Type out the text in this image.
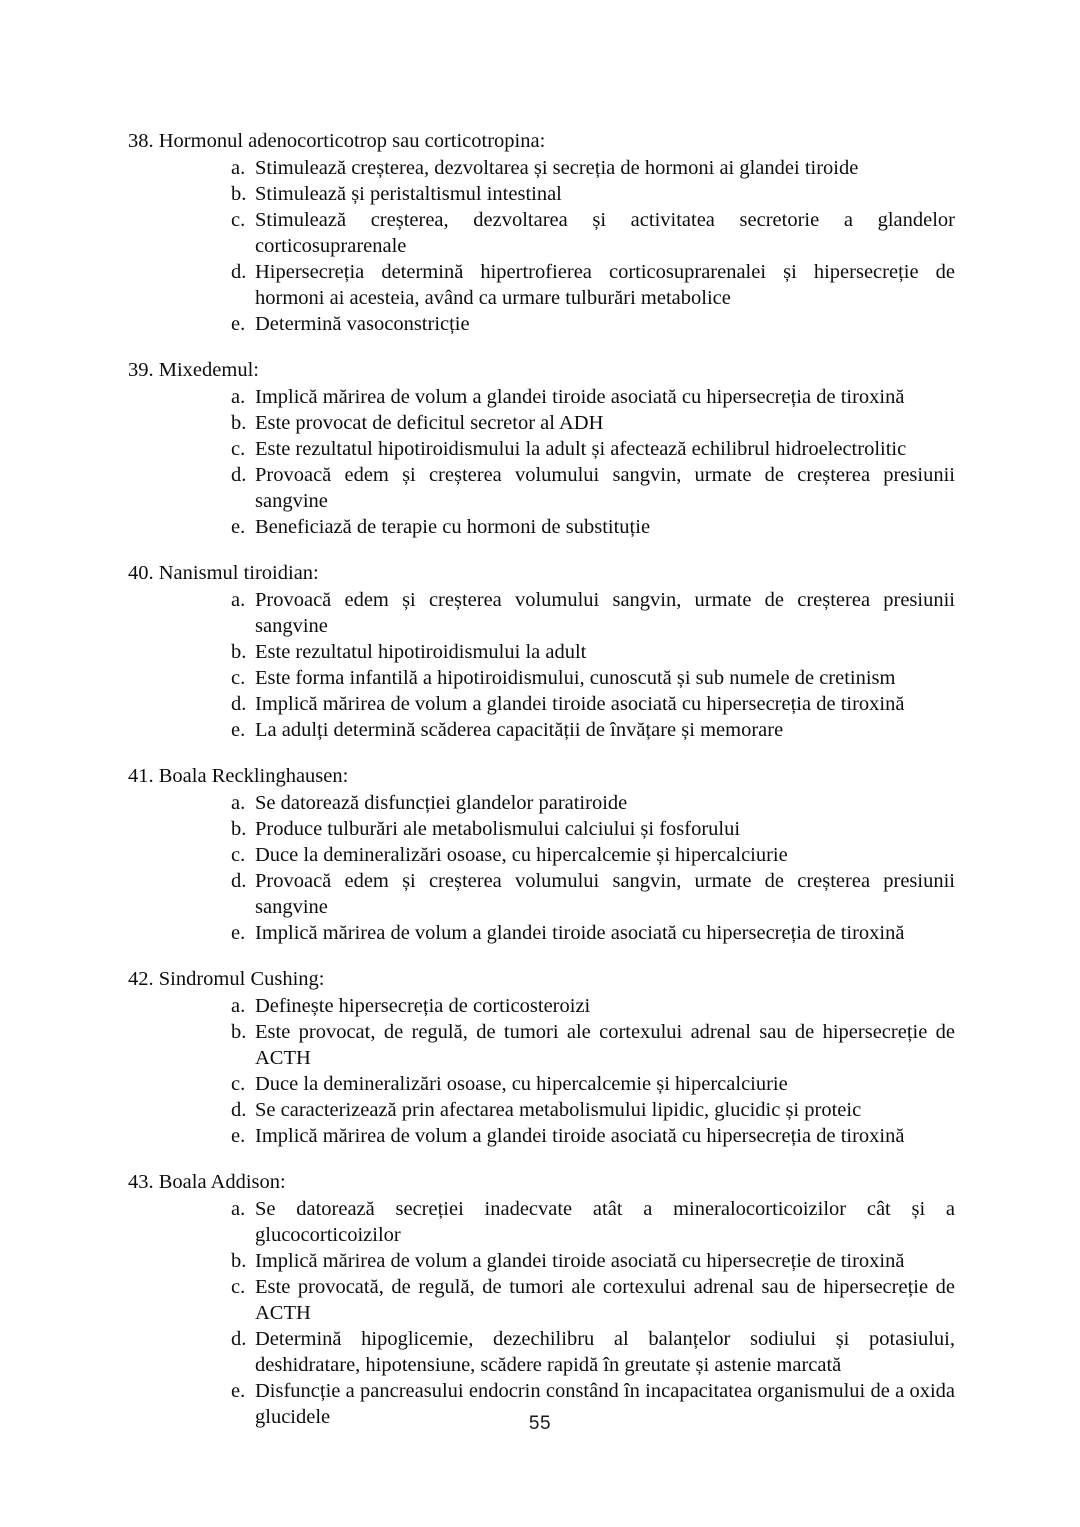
38. Hormonul adenocorticotrop sau corticotropina:

a. Stimulează creșterea, dezvoltarea și secreția de hormoni ai glandei tiroide
b. Stimulează și peristaltismul intestinal
c. Stimulează creșterea, dezvoltarea și activitatea secretorie a glandelor corticosuprarenale
d. Hipersecreția determină hipertrofierea corticosuprarenalei și hipersecreție de hormoni ai acesteia, având ca urmare tulburări metabolice
e. Determină vasoconstricție

39. Mixedemul:

a. Implică mărirea de volum a glandei tiroide asociată cu hipersecreția de tiroxină
b. Este provocat de deficitul secretor al ADH
c. Este rezultatul hipotiroidismului la adult și afectează echilibrul hidroelectrolitic
d. Provoacă edem și creșterea volumului sangvin, urmate de creșterea presiunii sangvine
e. Beneficiază de terapie cu hormoni de substituție

40. Nanismul tiroidian:

a. Provoacă edem și creșterea volumului sangvin, urmate de creșterea presiunii sangvine
b. Este rezultatul hipotiroidismului la adult
c. Este forma infantilă a hipotiroidismului, cunoscută și sub numele de cretinism
d. Implică mărirea de volum a glandei tiroide asociată cu hipersecreția de tiroxină
e. La adulți determină scăderea capacității de învățare și memorare

41. Boala Recklinghausen:

a. Se datorează disfuncției glandelor paratiroide
b. Produce tulburări ale metabolismului calciului și fosforului
c. Duce la demineralizări osoase, cu hipercalcemie și hipercalciurie
d. Provoacă edem și creșterea volumului sangvin, urmate de creșterea presiunii sangvine
e. Implică mărirea de volum a glandei tiroide asociată cu hipersecreția de tiroxină

42. Sindromul Cushing:

a. Definește hipersecreția de corticosteroizi
b. Este provocat, de regulă, de tumori ale cortexului adrenal sau de hipersecreție de ACTH
c. Duce la demineralizări osoase, cu hipercalcemie și hipercalciurie
d. Se caracterizează prin afectarea metabolismului lipidic, glucidic și proteic
e. Implică mărirea de volum a glandei tiroide asociată cu hipersecreția de tiroxină

43. Boala Addison:

a. Se datorează secreției inadecvate atât a mineralocorticoizilor cât și a glucocorticoizilor
b. Implică mărirea de volum a glandei tiroide asociată cu hipersecreție de tiroxină
c. Este provocată, de regulă, de tumori ale cortexului adrenal sau de hipersecreție de ACTH
d. Determină hipoglicemie, dezechilibru al balanțelor sodiului și potasiului, deshidratare, hipotensiune, scădere rapidă în greutate și astenie marcată
e. Disfuncție a pancreasului endocrin constând în incapacitatea organismului de a oxida glucidele	55
